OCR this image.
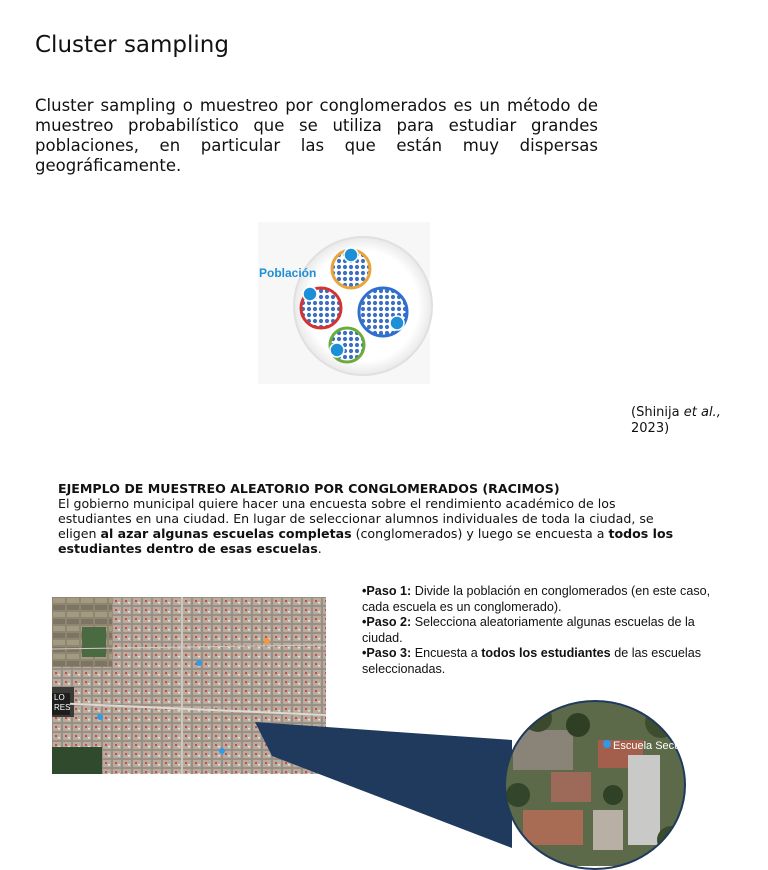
Cluster sampling

Cluster sampling o muestreo por conglomerados es un método de muestreo probabilístico que se utiliza para estudiar grandes poblaciones, en particular las que están muy dispersas geográficamente.

Población
(Shinija et al.,
2023)

EJEMPLO DE MUESTREO ALEATORIO POR CONGLOMERADOS (RACIMOS)

El gobierno municipal quiere hacer una encuesta sobre el rendimiento académico de los estudiantes en una ciudad. En lugar de seleccionar alumnos individuales de toda la ciudad, se eligen al azar algunas escuelas completas (conglomerados) y luego se encuesta a todos los estudiantes dentro de esas escuelas.

Escuela Secundaria
•Paso 1: Divide la población en conglomerados (en este caso, cada escuela es un conglomerado).
•Paso 2: Selecciona aleatoriamente algunas escuelas de la ciudad.
•Paso 3: Encuesta a todos los estudiantes de las escuelas seleccionadas.
LO
RES
